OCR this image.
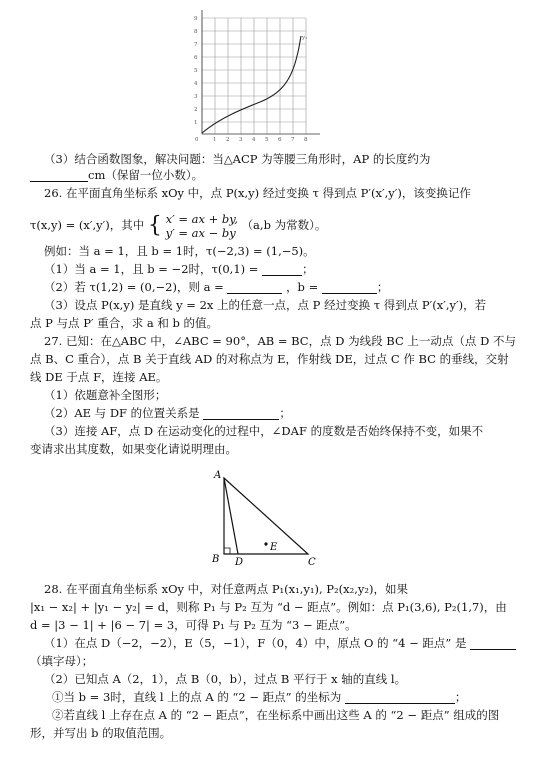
9
8
7
6
5
4
3
2
1
0	1 2 3 4 5 6 7 8
y₁
（3）结合函数图象，解决问题：当△ACP 为等腰三角形时，AP 的长度约为
cm（保留一位小数）。
26. 在平面直角坐标系 xOy 中，点 P(x,y) 经过变换 τ 得到点 P′(x′,y′)，该变换记作
τ(x,y) = (x′,y′)，其中 { x′ = ax + by,
y′ = ax − by （a,b 为常数）。
例如：当 a = 1，且 b = 1时，τ(−2,3) = (1,−5)。
（1）当 a = 1，且 b = −2时，τ(0,1) =	；
（2）若 τ(1,2) = (0,−2)，则 a =	，b =	；
（3）设点 P(x,y) 是直线 y = 2x 上的任意一点，点 P 经过变换 τ 得到点 P′(x′,y′)，若
点 P 与点 P′ 重合，求 a 和 b 的值。
27. 已知：在△ABC 中，∠ABC = 90°，AB = BC，点 D 为线段 BC 上一动点（点 D 不与
点 B、C 重合），点 B 关于直线 AD 的对称点为 E，作射线 DE，过点 C 作 BC 的垂线，交射
线 DE 于点 F，连接 AE。
（1）依题意补全图形；
（2）AE 与 DF 的位置关系是	；
（3）连接 AF，点 D 在运动变化的过程中，∠DAF 的度数是否始终保持不变，如果不
变请求出其度数，如果变化请说明理由。
A
B D
E
C
28. 在平面直角坐标系 xOy 中，对任意两点 P₁(x₁,y₁), P₂(x₂,y₂)，如果
|x₁ − x₂| + |y₁ − y₂| = d，则称 P₁ 与 P₂ 互为 “d − 距点”。例如：点 P₁(3,6), P₂(1,7)，由
d = |3 − 1| + |6 − 7| = 3，可得 P₁ 与 P₂ 互为 “3 − 距点”。
（1）在点 D（−2，−2），E（5，−1），F（0，4）中，原点 O 的 “4 − 距点” 是
（填字母）；
（2）已知点 A（2，1），点 B（0，b），过点 B 平行于 x 轴的直线 l。
①当 b = 3时，直线 l 上的点 A 的 “2 − 距点” 的坐标为	；
②若直线 l 上存在点 A 的 “2 − 距点”，在坐标系中画出这些 A 的 “2 − 距点” 组成的图
形，并写出 b 的取值范围。
